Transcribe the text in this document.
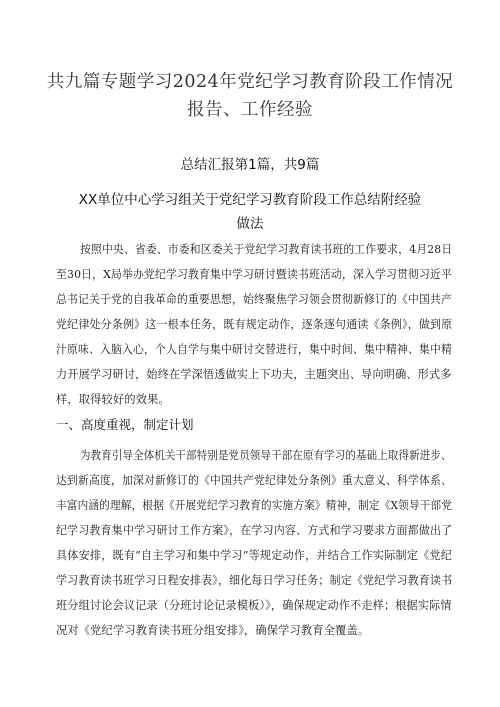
共九篇专题学习2024年党纪学习教育阶段工作情况
报告、工作经验
总结汇报第1篇，共9篇
XX单位中心学习组关于党纪学习教育阶段工作总结附经验
做法
按照中央、省委、市委和区委关于党纪学习教育读书班的工作要求，4月28日
至30日，X局举办党纪学习教育集中学习研讨暨读书班活动，深入学习贯彻习近平
总书记关于党的自我革命的重要思想，始终聚焦学习领会贯彻新修订的《中国共产
党纪律处分条例》这一根本任务，既有规定动作，逐条逐句通读《条例》，做到原
汁原味、入脑入心，个人自学与集中研讨交替进行，集中时间、集中精神、集中精
力开展学习研讨，始终在学深悟透做实上下功夫，主题突出、导向明确、形式多
样，取得较好的效果。
一、高度重视，制定计划
为教育引导全体机关干部特别是党员领导干部在原有学习的基础上取得新进步、
达到新高度，加深对新修订的《中国共产党纪律处分条例》重大意义、科学体系、
丰富内涵的理解，根据《开展党纪学习教育的实施方案》精神，制定《X领导干部党
纪学习教育集中学习研讨工作方案》，在学习内容、方式和学习要求方面都做出了
具体安排，既有“自主学习和集中学习”等规定动作，并结合工作实际制定《党纪
学习教育读书班学习日程安排表》，细化每日学习任务；制定《党纪学习教育读书
班分组讨论会议记录（分班讨论记录模板）》，确保规定动作不走样；根据实际情
况对《党纪学习教育读书班分组安排》，确保学习教育全覆盖。
